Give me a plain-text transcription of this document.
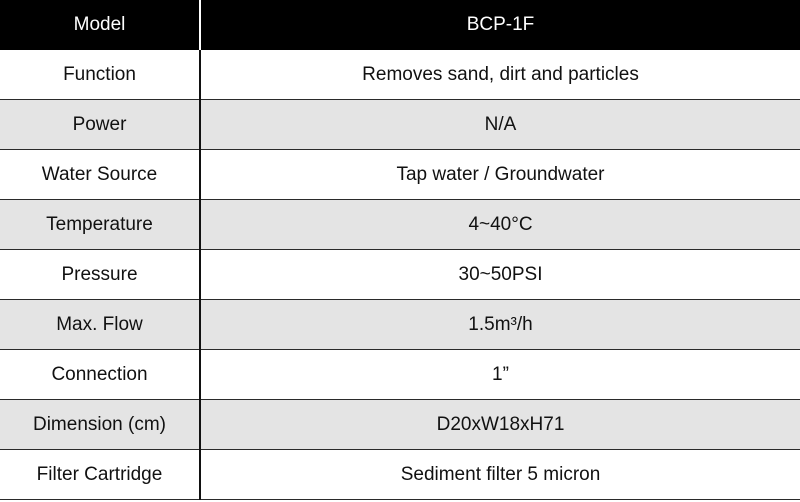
Model	BCP-1F
Function	Removes sand, dirt and particles
Power	N/A
Water Source	Tap water / Groundwater
Temperature	4~40°C
Pressure	30~50PSI
Max. Flow	1.5m³/h
Connection	1”
Dimension (cm)	D20xW18xH71
Filter Cartridge	Sediment filter 5 micron
